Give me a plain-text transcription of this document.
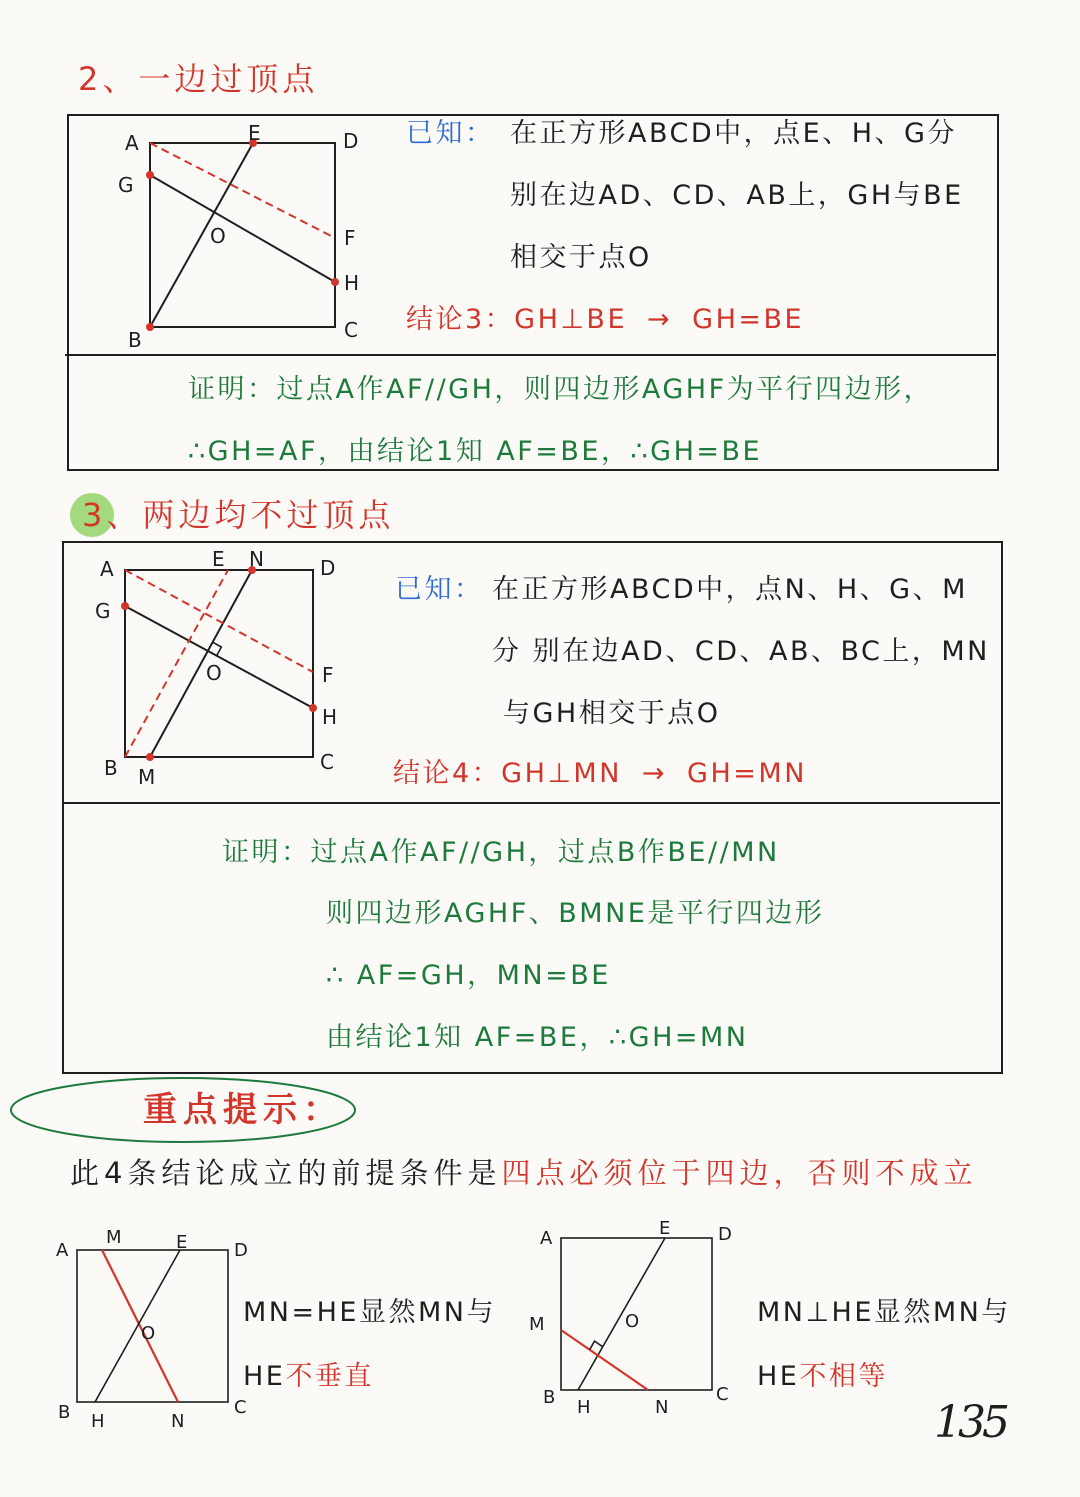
A	E	D
G
O	F
H
B	C
A	E N	D
G
O	F
H
B M
C
A
M	E	D
O
B H	N
C
A	E	D
M	O
B H	N
C
2、一边过顶点
已知： 在正方形ABCD中，点E、H、G分
别在边AD、CD、AB上，GH与BE
相交于点O
结论3：GH⊥BE → GH=BE
证明：过点A作AF//GH，则四边形AGHF为平行四边形，
∴GH=AF，由结论1知 AF=BE，∴GH=BE
3、两边均不过顶点
已知： 在正方形ABCD中，点N、H、G、M
分 别在边AD、CD、AB、BC上，MN
与GH相交于点O
结论4：GH⊥MN → GH=MN
证明：过点A作AF//GH，过点B作BE//MN
则四边形AGHF、BMNE是平行四边形
∴ AF=GH，MN=BE
由结论1知 AF=BE，∴GH=MN
重点提示：
此4条结论成立的前提条件是四点必须位于四边，否则不成立
MN=HE显然MN与
HE不垂直
MN⊥HE显然MN与
HE不相等
135
